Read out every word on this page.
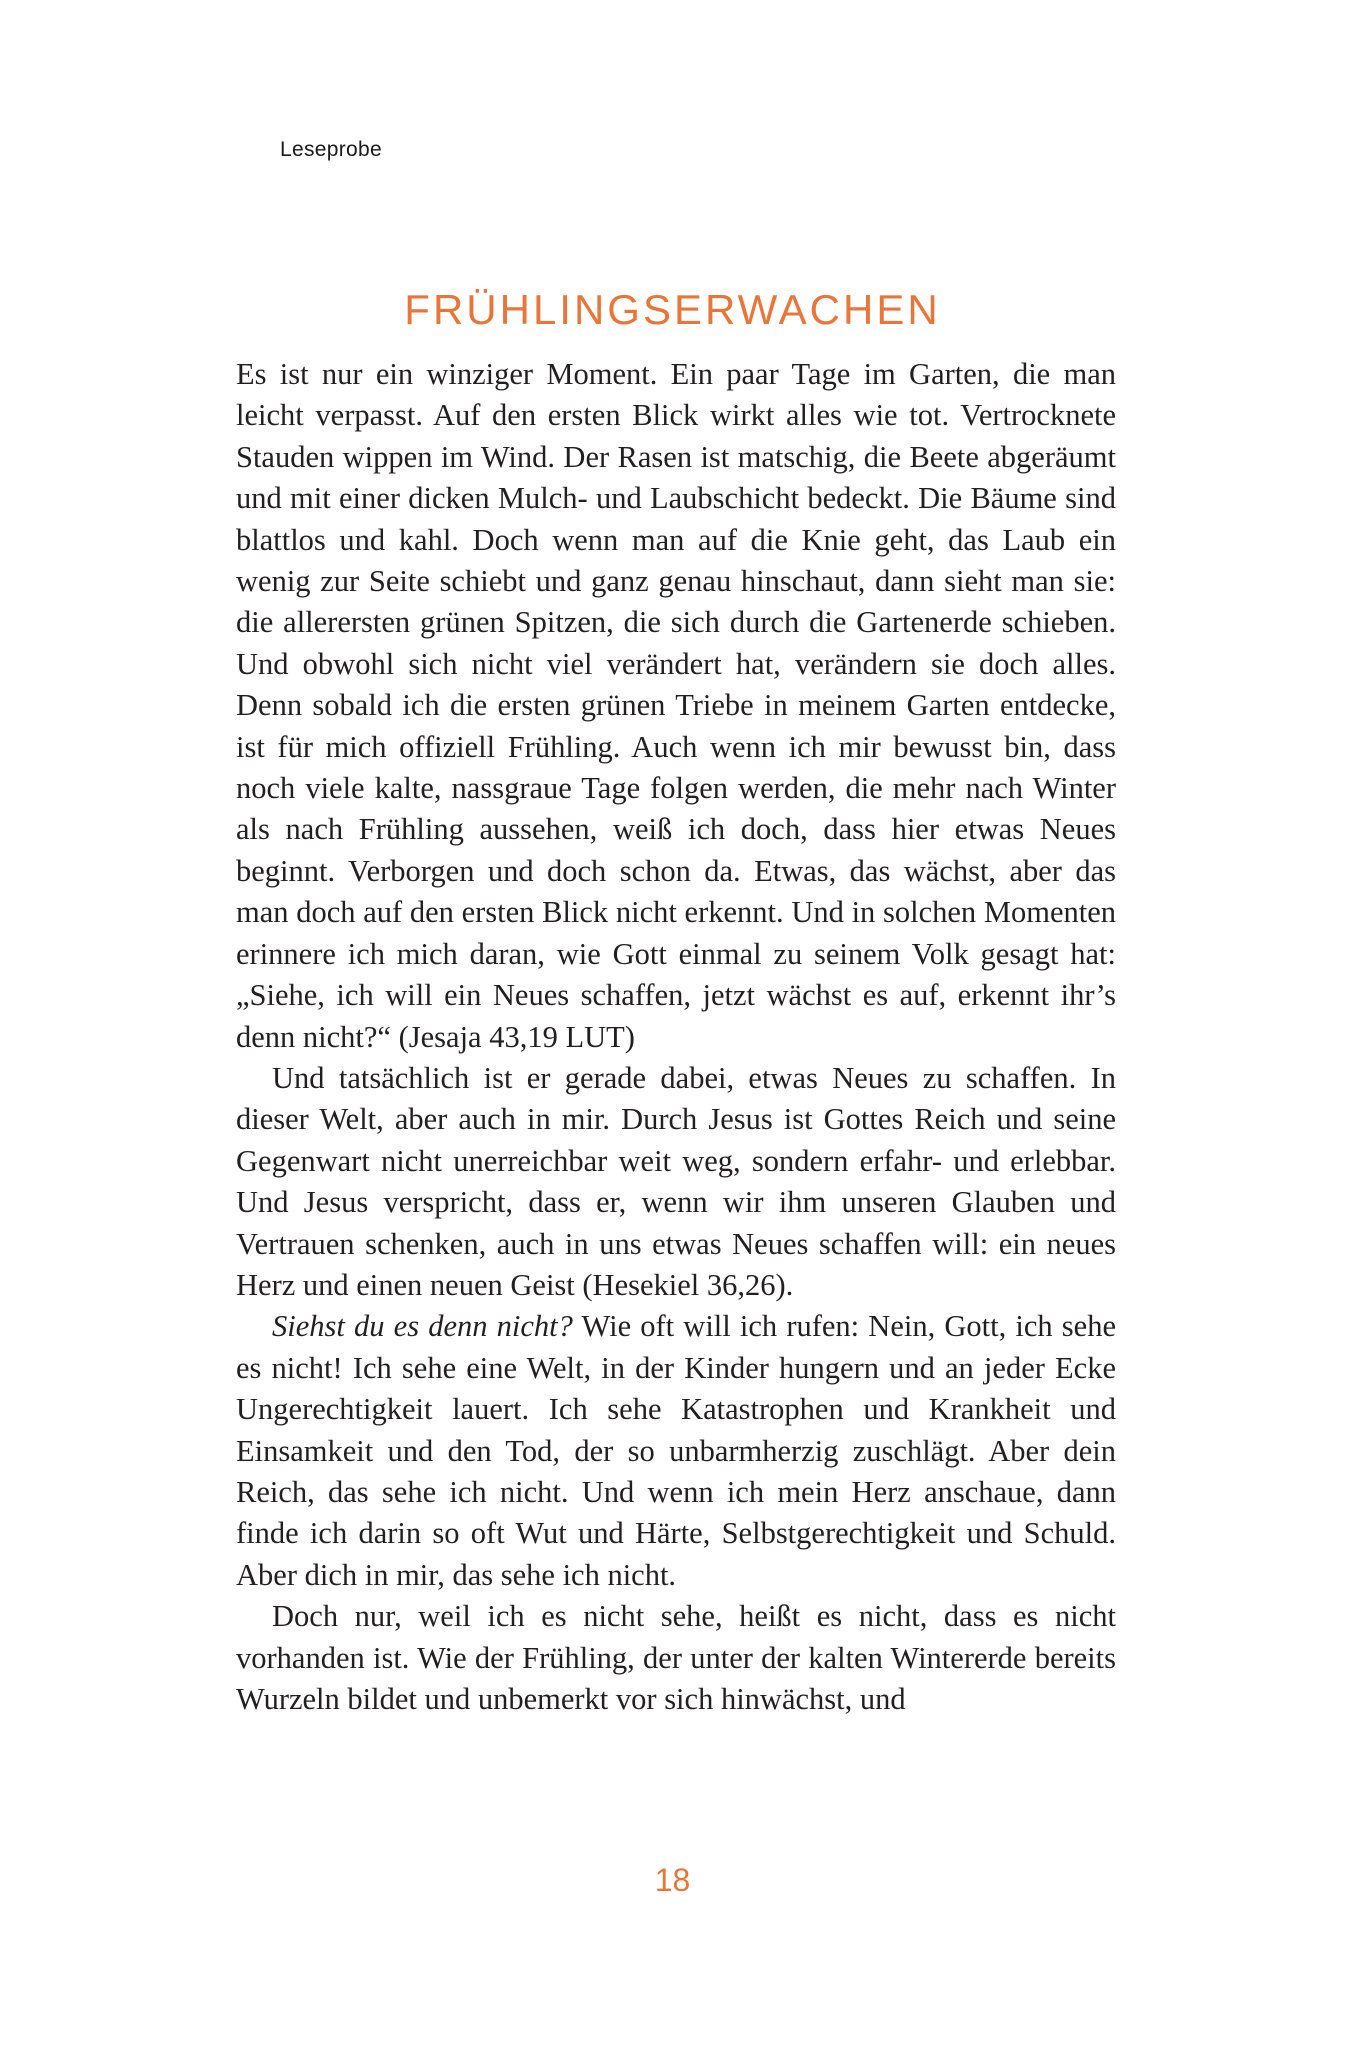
Leseprobe
FRÜHLINGSERWACHEN

Es ist nur ein winziger Moment. Ein paar Tage im Garten, die man leicht verpasst. Auf den ersten Blick wirkt alles wie tot. Vertrocknete Stauden wippen im Wind. Der Rasen ist matschig, die Beete abgeräumt und mit einer dicken Mulch- und Laubschicht bedeckt. Die Bäume sind blattlos und kahl. Doch wenn man auf die Knie geht, das Laub ein wenig zur Seite schiebt und ganz genau hinschaut, dann sieht man sie: die allerersten grünen Spitzen, die sich durch die Gartenerde schieben. Und obwohl sich nicht viel verändert hat, verändern sie doch alles. Denn sobald ich die ersten grünen Triebe in meinem Garten entdecke, ist für mich offiziell Frühling. Auch wenn ich mir bewusst bin, dass noch viele kalte, nassgraue Tage folgen werden, die mehr nach Winter als nach Frühling aussehen, weiß ich doch, dass hier etwas Neues beginnt. Verborgen und doch schon da. Etwas, das wächst, aber das man doch auf den ersten Blick nicht erkennt. Und in solchen Momenten erinnere ich mich daran, wie Gott einmal zu seinem Volk gesagt hat: „Siehe, ich will ein Neues schaffen, jetzt wächst es auf, erkennt ihr’s denn nicht?“ (Jesaja 43,19 LUT)

Und tatsächlich ist er gerade dabei, etwas Neues zu schaffen. In dieser Welt, aber auch in mir. Durch Jesus ist Gottes Reich und seine Gegenwart nicht unerreichbar weit weg, sondern erfahr- und erlebbar. Und Jesus verspricht, dass er, wenn wir ihm unseren Glauben und Vertrauen schenken, auch in uns etwas Neues schaffen will: ein neues Herz und einen neuen Geist (Hesekiel 36,26).

Siehst du es denn nicht? Wie oft will ich rufen: Nein, Gott, ich sehe es nicht! Ich sehe eine Welt, in der Kinder hungern und an jeder Ecke Ungerechtigkeit lauert. Ich sehe Katastrophen und Krankheit und Einsamkeit und den Tod, der so unbarmherzig zuschlägt. Aber dein Reich, das sehe ich nicht. Und wenn ich mein Herz anschaue, dann finde ich darin so oft Wut und Härte, Selbstgerechtigkeit und Schuld. Aber dich in mir, das sehe ich nicht.

Doch nur, weil ich es nicht sehe, heißt es nicht, dass es nicht vorhanden ist. Wie der Frühling, der unter der kalten Wintererde bereits Wurzeln bildet und unbemerkt vor sich hinwächst, und

18
